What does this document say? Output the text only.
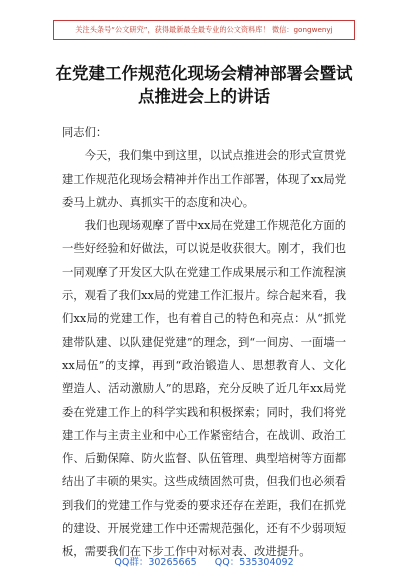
关注头条号“公文研究”，获得最新最全最专业的公文资料库！ 微信：gongwenyj
在党建工作规范化现场会精神部署会暨试
点推进会上的讲话

同志们：

今天，我们集中到这里，以试点推进会的形式宣贯党建工作规范化现场会精神并作出工作部署，体现了xx局党委马上就办、真抓实干的态度和决心。

我们也现场观摩了晋中xx局在党建工作规范化方面的一些好经验和好做法，可以说是收获很大。刚才，我们也一同观摩了开发区大队在党建工作成果展示和工作流程演示，观看了我们xx局的党建工作汇报片。综合起来看，我们xx局的党建工作，也有着自己的特色和亮点：从“抓党建带队建、以队建促党建”的理念，到“一间房、一面墙一xx局伍”的支撑，再到“政治锻造人、思想教育人、文化塑造人、活动激励人”的思路，充分反映了近几年xx局党委在党建工作上的科学实践和积极探索；同时，我们将党建工作与主责主业和中心工作紧密结合，在战训、政治工作、后勤保障、防火监督、队伍管理、典型培树等方面都结出了丰硕的果实。这些成绩固然可贵，但我们也必须看到我们的党建工作与党委的要求还存在差距，我们在抓党的建设、开展党建工作中还需规范强化，还有不少弱项短板，需要我们在下步工作中对标对表、改进提升。

QQ群：30265665      QQ：535304092
